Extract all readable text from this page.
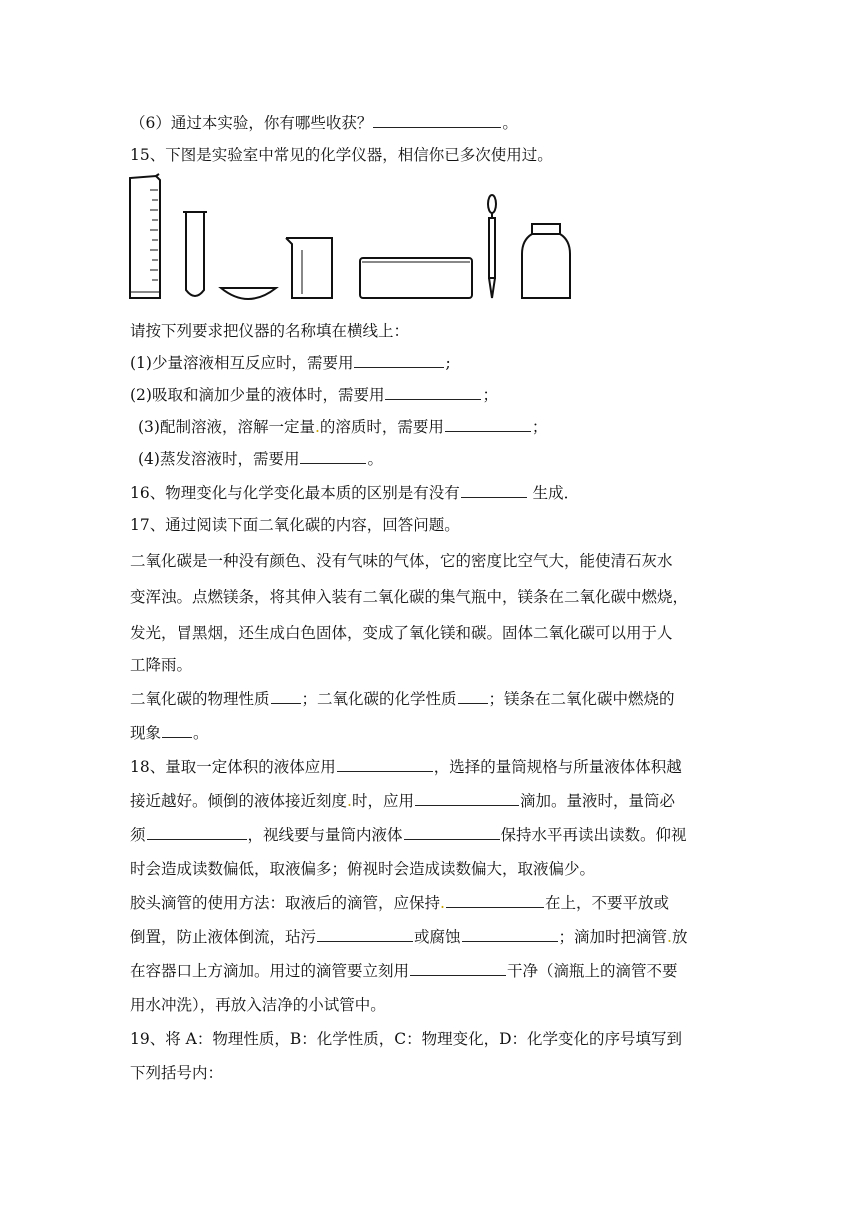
（6）通过本实验，你有哪些收获？	。
15、下图是实验室中常见的化学仪器，相信你已多次使用过。
请按下列要求把仪器的名称填在横线上：
(1)少量溶液相互反应时，需要用	;
(2)吸取和滴加少量的液体时，需要用	；
(3)配制溶液，溶解一定量.的溶质时，需要用	；
(4)蒸发溶液时，需要用	。
16、物理变化与化学变化最本质的区别是有没有	生成．
17、通过阅读下面二氧化碳的内容，回答问题。
二氧化碳是一种没有颜色、没有气味的气体，它的密度比空气大，能使清石灰水
变浑浊。点燃镁条，将其伸入装有二氧化碳的集气瓶中，镁条在二氧化碳中燃烧，
发光，冒黑烟，还生成白色固体，变成了氧化镁和碳。固体二氧化碳可以用于人
工降雨。
二氧化碳的物理性质 ；二氧化碳的化学性质 ；镁条在二氧化碳中燃烧的
现象 。
18、量取一定体积的液体应用	，选择的量筒规格与所量液体体积越
接近越好。倾倒的液体接近刻度.时，应用	滴加。量液时，量筒必
须	，视线要与量筒内液体	保持水平再读出读数。仰视
时会造成读数偏低，取液偏多；俯视时会造成读数偏大，取液偏少。
胶头滴管的使用方法：取液后的滴管，应保持.	在上，不要平放或
倒置，防止液体倒流，玷污	或腐蚀	；滴加时把滴管.放
在容器口上方滴加。用过的滴管要立刻用	干净（滴瓶上的滴管不要
用水冲洗），再放入洁净的小试管中。
19、将 A：物理性质，B：化学性质，C：物理变化，D：化学变化的序号填写到
下列括号内：
